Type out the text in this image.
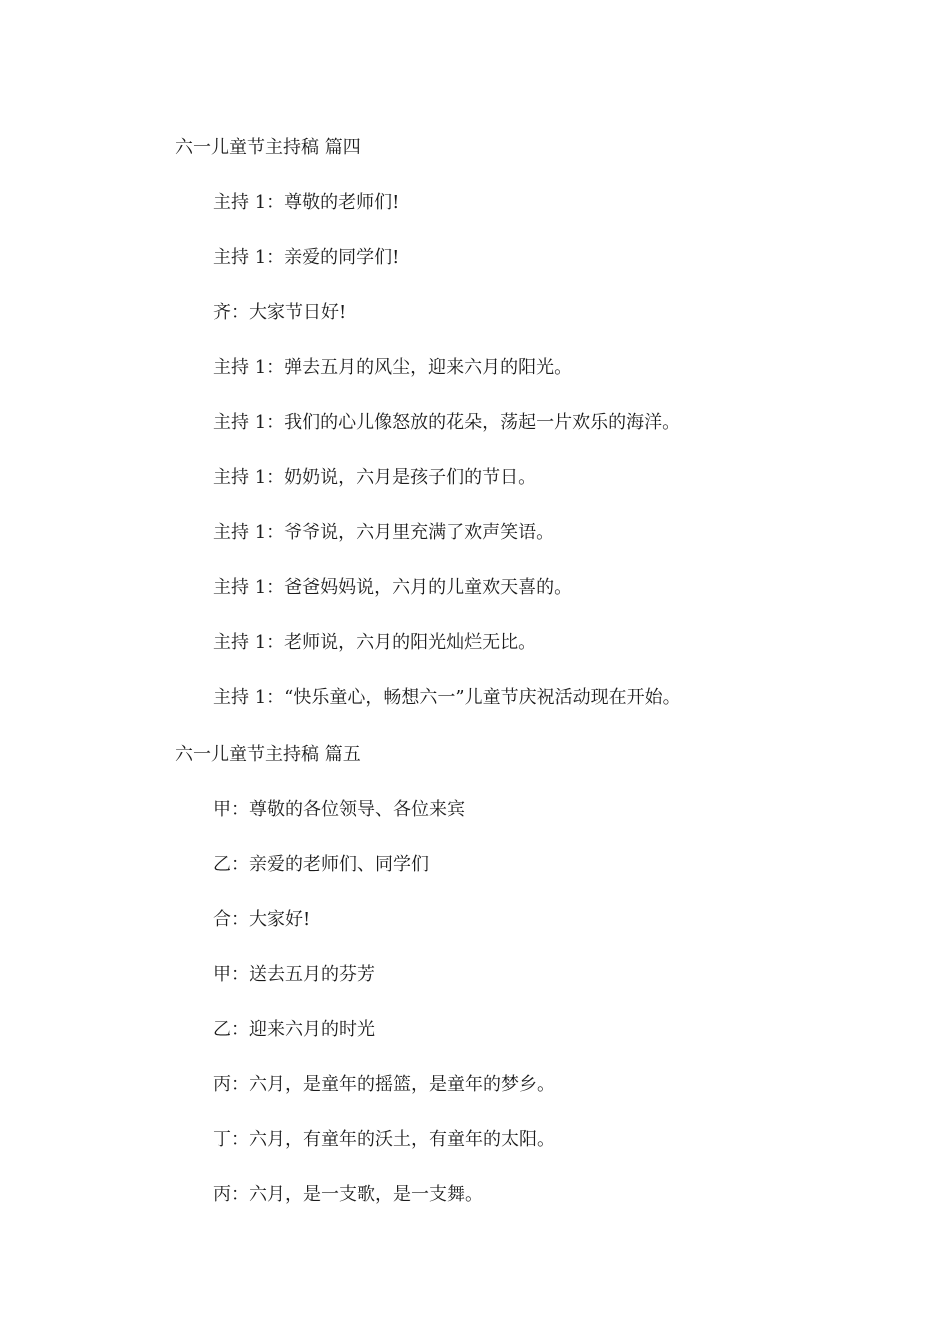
六一儿童节主持稿 篇四
主持 1：尊敬的老师们!
主持 1：亲爱的同学们!
齐：大家节日好!
主持 1：弹去五月的风尘，迎来六月的阳光。
主持 1：我们的心儿像怒放的花朵，荡起一片欢乐的海洋。
主持 1：奶奶说，六月是孩子们的节日。
主持 1：爷爷说，六月里充满了欢声笑语。
主持 1：爸爸妈妈说，六月的儿童欢天喜的。
主持 1：老师说，六月的阳光灿烂无比。
主持 1：“快乐童心，畅想六一”儿童节庆祝活动现在开始。
六一儿童节主持稿 篇五
甲：尊敬的各位领导、各位来宾
乙：亲爱的老师们、同学们
合：大家好!
甲：送去五月的芬芳
乙：迎来六月的时光
丙：六月，是童年的摇篮，是童年的梦乡。
丁：六月，有童年的沃土，有童年的太阳。
丙：六月，是一支歌，是一支舞。
